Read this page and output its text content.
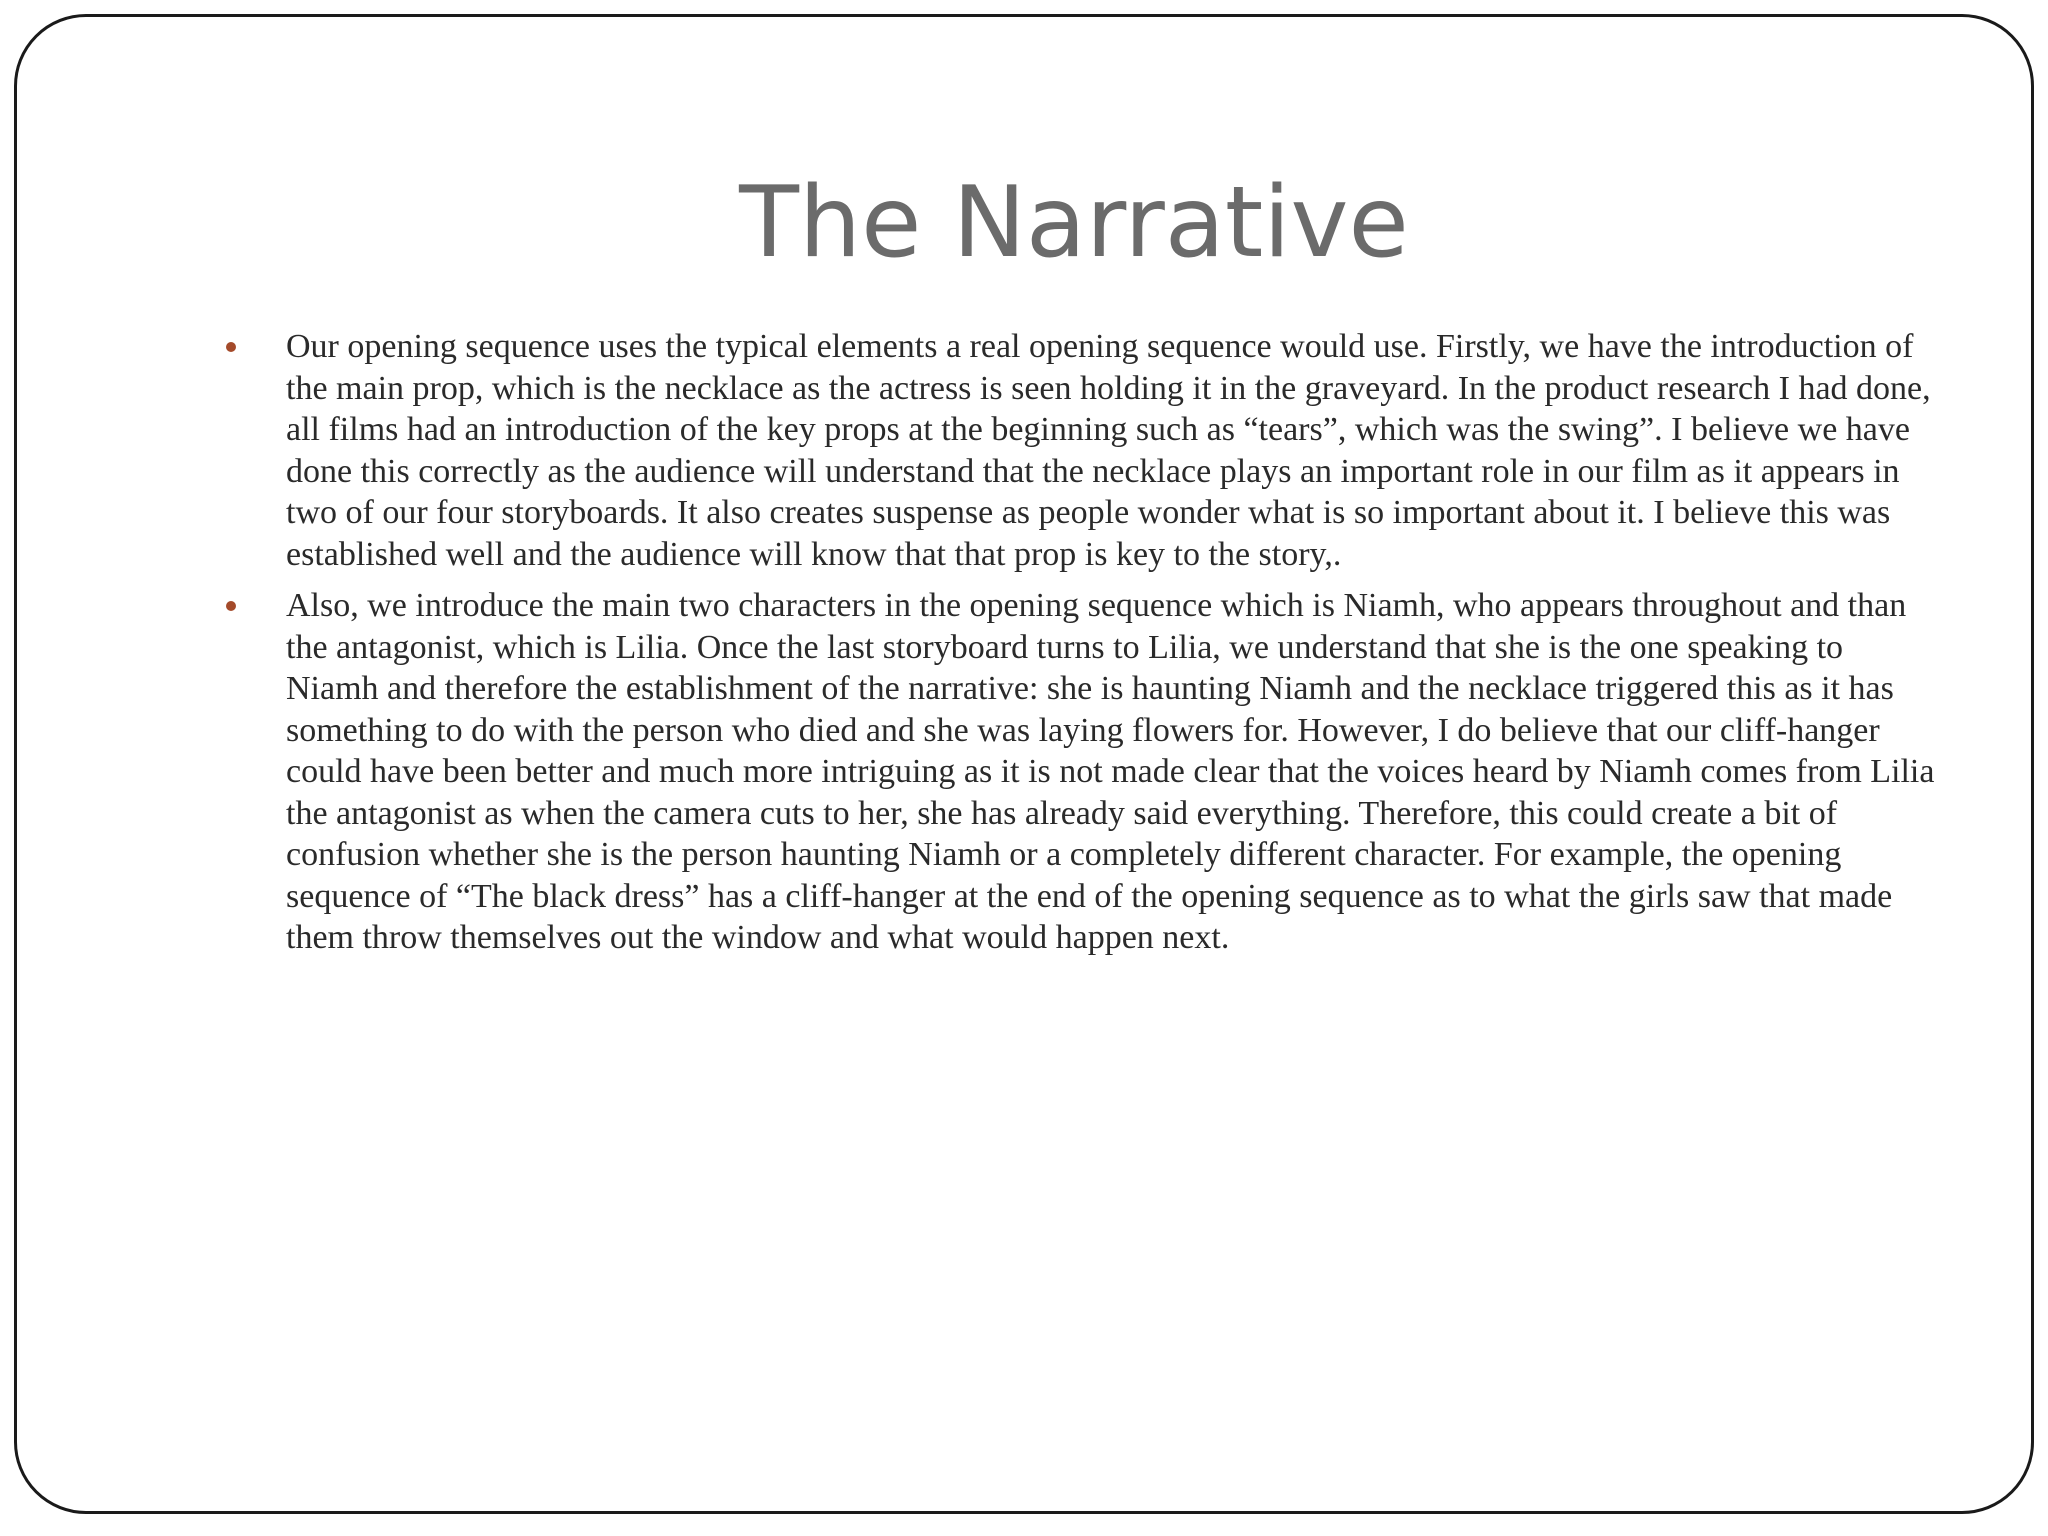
The Narrative
Our opening sequence uses the typical elements a real opening sequence would use. Firstly, we have the introduction of the main prop, which is the necklace as the actress is seen holding it in the graveyard. In the product research I had done, all films had an introduction of the key props at the beginning such as “tears”, which was the swing”. I believe we have done this correctly as the audience will understand that the necklace plays an important role in our film as it appears in two of our four storyboards. It also creates suspense as people wonder what is so important about it. I believe this was established well and the audience will know that that prop is key to the story,.
Also, we introduce the main two characters in the opening sequence which is Niamh, who appears throughout and than the antagonist, which is Lilia. Once the last storyboard turns to Lilia, we understand that she is the one speaking to Niamh and therefore the establishment of the narrative: she is haunting Niamh and the necklace triggered this as it has something to do with the person who died and she was laying flowers for. However, I do believe that our cliff-hanger could have been better and much more intriguing as it is not made clear that the voices heard by Niamh comes from Lilia the antagonist as when the camera cuts to her, she has already said everything. Therefore, this could create a bit of confusion whether she is the person haunting Niamh or a completely different character. For example, the opening sequence of “The black dress” has a cliff-hanger at the end of the opening sequence as to what the girls saw that made them throw themselves out the window and what would happen next.
